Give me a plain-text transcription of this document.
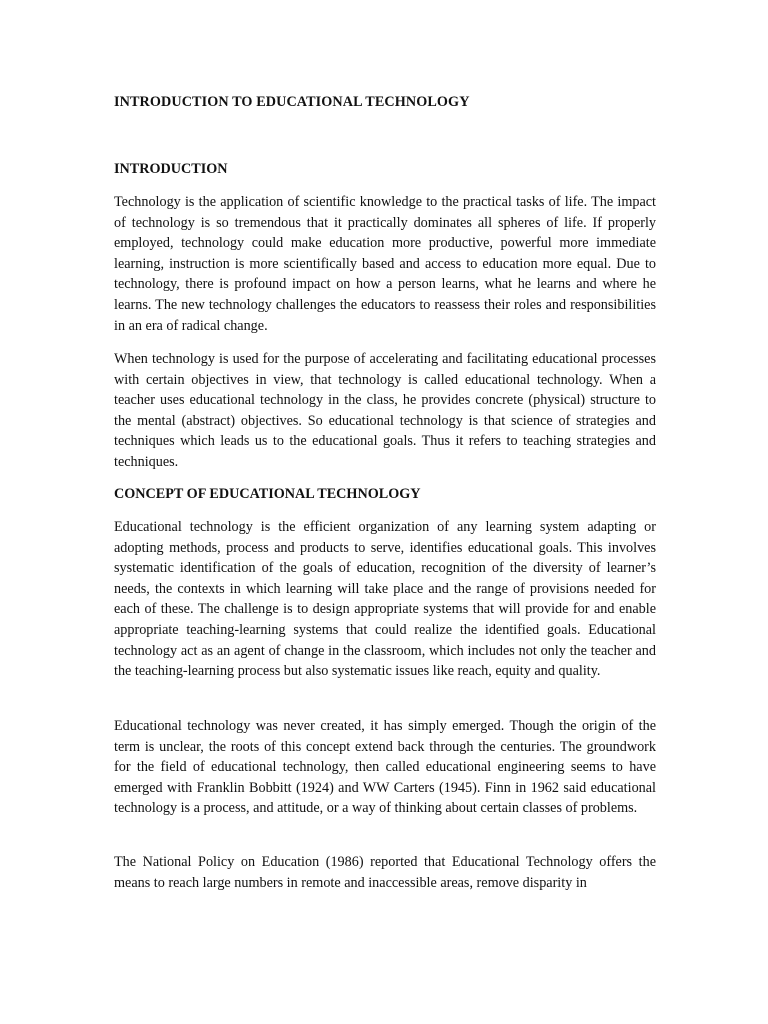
INTRODUCTION TO EDUCATIONAL TECHNOLOGY
INTRODUCTION

Technology is the application of scientific knowledge to the practical tasks of life. The impact of technology is so tremendous that it practically dominates all spheres of life. If properly employed, technology could make education more productive, powerful more immediate learning, instruction is more scientifically based and access to education more equal. Due to technology, there is profound impact on how a person learns, what he learns and where he learns. The new technology challenges the educators to reassess their roles and responsibilities in an era of radical change.

When technology is used for the purpose of accelerating and facilitating educational processes with certain objectives in view, that technology is called educational technology. When a teacher uses educational technology in the class, he provides concrete (physical) structure to the mental (abstract) objectives. So educational technology is that science of strategies and techniques which leads us to the educational goals. Thus it refers to teaching strategies and techniques.

CONCEPT OF EDUCATIONAL TECHNOLOGY

Educational technology is the efficient organization of any learning system adapting or adopting methods, process and products to serve, identifies educational goals. This involves systematic identification of the goals of education, recognition of the diversity of learner’s needs, the contexts in which learning will take place and the range of provisions needed for each of these. The challenge is to design appropriate systems that will provide for and enable appropriate teaching-learning systems that could realize the identified goals. Educational technology act as an agent of change in the classroom, which includes not only the teacher and the teaching-learning process but also systematic issues like reach, equity and quality.

Educational technology was never created, it has simply emerged. Though the origin of the term is unclear, the roots of this concept extend back through the centuries. The groundwork for the field of educational technology, then called educational engineering seems to have emerged with Franklin Bobbitt (1924) and WW Carters (1945). Finn in 1962 said educational technology is a process, and attitude, or a way of thinking about certain classes of problems.

The National Policy on Education (1986) reported that Educational Technology offers the means to reach large numbers in remote and inaccessible areas, remove disparity in
